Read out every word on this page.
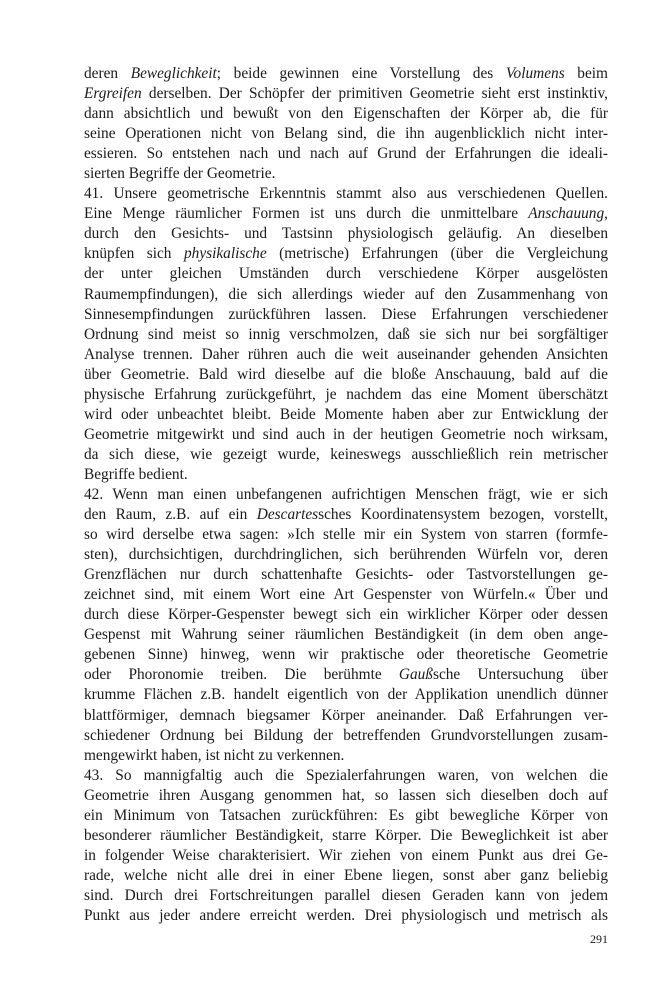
deren Beweglichkeit; beide gewinnen eine Vorstellung des Volumens beim
Ergreifen derselben. Der Schöpfer der primitiven Geometrie sieht erst instinktiv,
dann absichtlich und bewußt von den Eigenschaften der Körper ab, die für
seine Operationen nicht von Belang sind, die ihn augenblicklich nicht inter-
essieren. So entstehen nach und nach auf Grund der Erfahrungen die ideali-
sierten Begriffe der Geometrie.
41. Unsere geometrische Erkenntnis stammt also aus verschiedenen Quellen.
Eine Menge räumlicher Formen ist uns durch die unmittelbare Anschauung,
durch den Gesichts- und Tastsinn physiologisch geläufig. An dieselben
knüpfen sich physikalische (metrische) Erfahrungen (über die Vergleichung
der unter gleichen Umständen durch verschiedene Körper ausgelösten
Raumempfindungen), die sich allerdings wieder auf den Zusammenhang von
Sinnesempfindungen zurückführen lassen. Diese Erfahrungen verschiedener
Ordnung sind meist so innig verschmolzen, daß sie sich nur bei sorgfältiger
Analyse trennen. Daher rühren auch die weit auseinander gehenden Ansichten
über Geometrie. Bald wird dieselbe auf die bloße Anschauung, bald auf die
physische Erfahrung zurückgeführt, je nachdem das eine Moment überschätzt
wird oder unbeachtet bleibt. Beide Momente haben aber zur Entwicklung der
Geometrie mitgewirkt und sind auch in der heutigen Geometrie noch wirksam,
da sich diese, wie gezeigt wurde, keineswegs ausschließlich rein metrischer
Begriffe bedient.
42. Wenn man einen unbefangenen aufrichtigen Menschen frägt, wie er sich
den Raum, z.B. auf ein Descartessches Koordinatensystem bezogen, vorstellt,
so wird derselbe etwa sagen: »Ich stelle mir ein System von starren (formfe-
sten), durchsichtigen, durchdringlichen, sich berührenden Würfeln vor, deren
Grenzflächen nur durch schattenhafte Gesichts- oder Tastvorstellungen ge-
zeichnet sind, mit einem Wort eine Art Gespenster von Würfeln.« Über und
durch diese Körper-Gespenster bewegt sich ein wirklicher Körper oder dessen
Gespenst mit Wahrung seiner räumlichen Beständigkeit (in dem oben ange-
gebenen Sinne) hinweg, wenn wir praktische oder theoretische Geometrie
oder Phoronomie treiben. Die berühmte Gaußsche Untersuchung über
krumme Flächen z.B. handelt eigentlich von der Applikation unendlich dünner
blattförmiger, demnach biegsamer Körper aneinander. Daß Erfahrungen ver-
schiedener Ordnung bei Bildung der betreffenden Grundvorstellungen zusam-
mengewirkt haben, ist nicht zu verkennen.
43. So mannigfaltig auch die Spezialerfahrungen waren, von welchen die
Geometrie ihren Ausgang genommen hat, so lassen sich dieselben doch auf
ein Minimum von Tatsachen zurückführen: Es gibt bewegliche Körper von
besonderer räumlicher Beständigkeit, starre Körper. Die Beweglichkeit ist aber
in folgender Weise charakterisiert. Wir ziehen von einem Punkt aus drei Ge-
rade, welche nicht alle drei in einer Ebene liegen, sonst aber ganz beliebig
sind. Durch drei Fortschreitungen parallel diesen Geraden kann von jedem
Punkt aus jeder andere erreicht werden. Drei physiologisch und metrisch als
291
